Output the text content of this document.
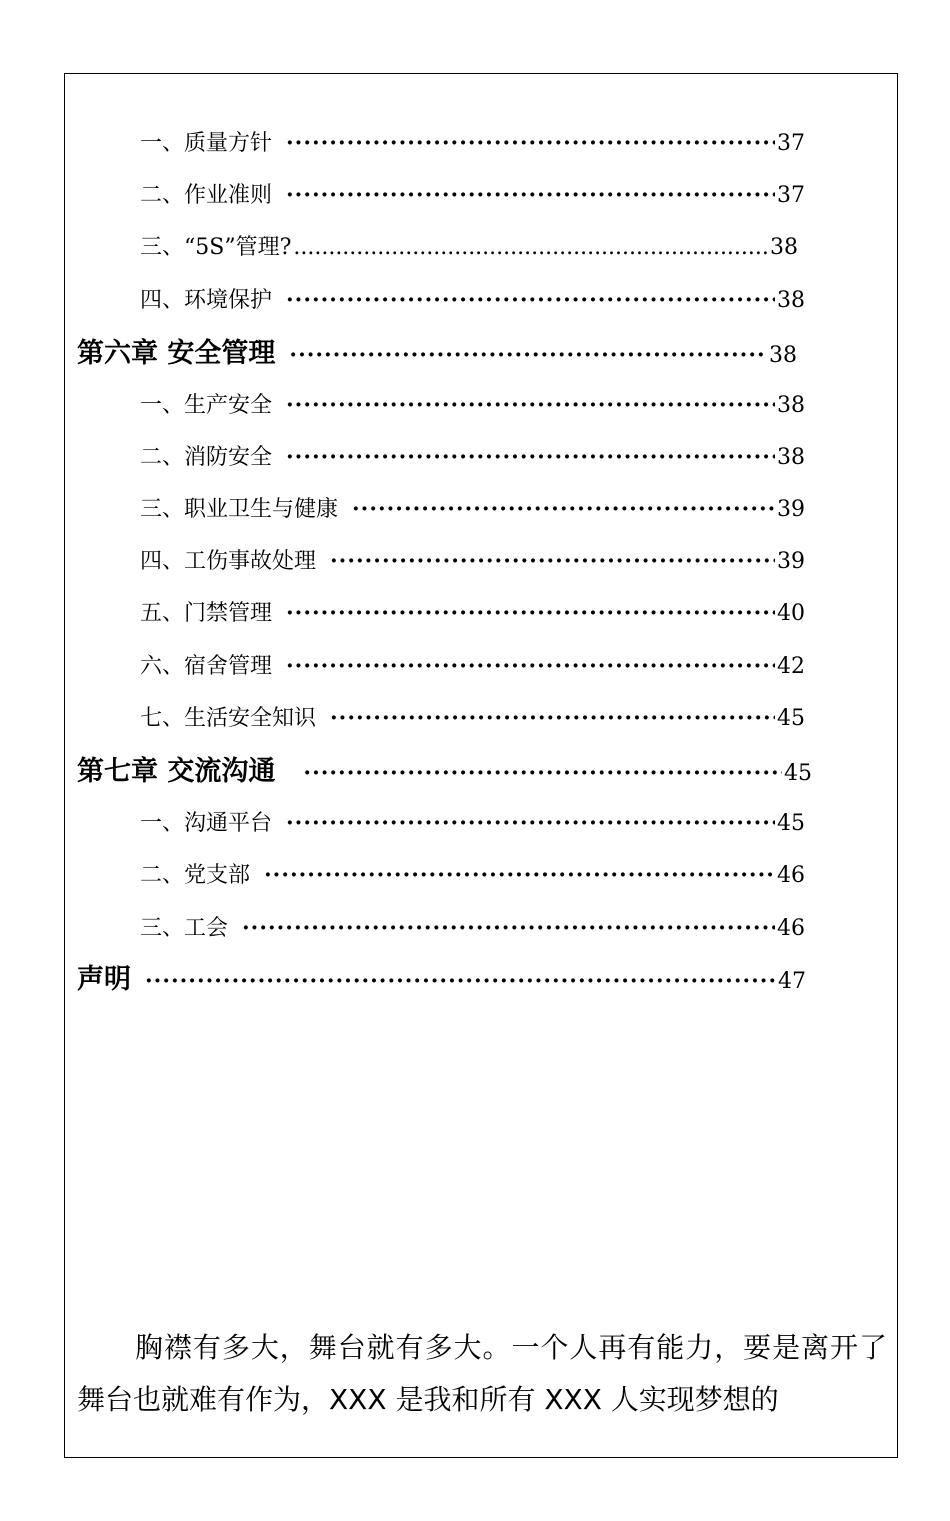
一、质量方针 ·····	37
二、作业准则 ·····	37
三、“5S”管理? .....	38
四、环境保护 ·····	38
第六章 安全管理 ·····	38
一、生产安全 ·····	38
二、消防安全 ·····	38
三、职业卫生与健康 ·····	39
四、工伤事故处理 ·····	39
五、门禁管理 ·····	40
六、宿舍管理 ·····	42
七、生活安全知识 ·····	45
第七章 交流沟通 ·····	45
一、沟通平台 ·····	45
二、党支部 ·····	46
三、工会 ·····	46
声明 ·····	47

胸襟有多大，舞台就有多大。一个人再有能力，要是离开了舞台也就难有作为，XXX 是我和所有 XXX 人实现梦想的
